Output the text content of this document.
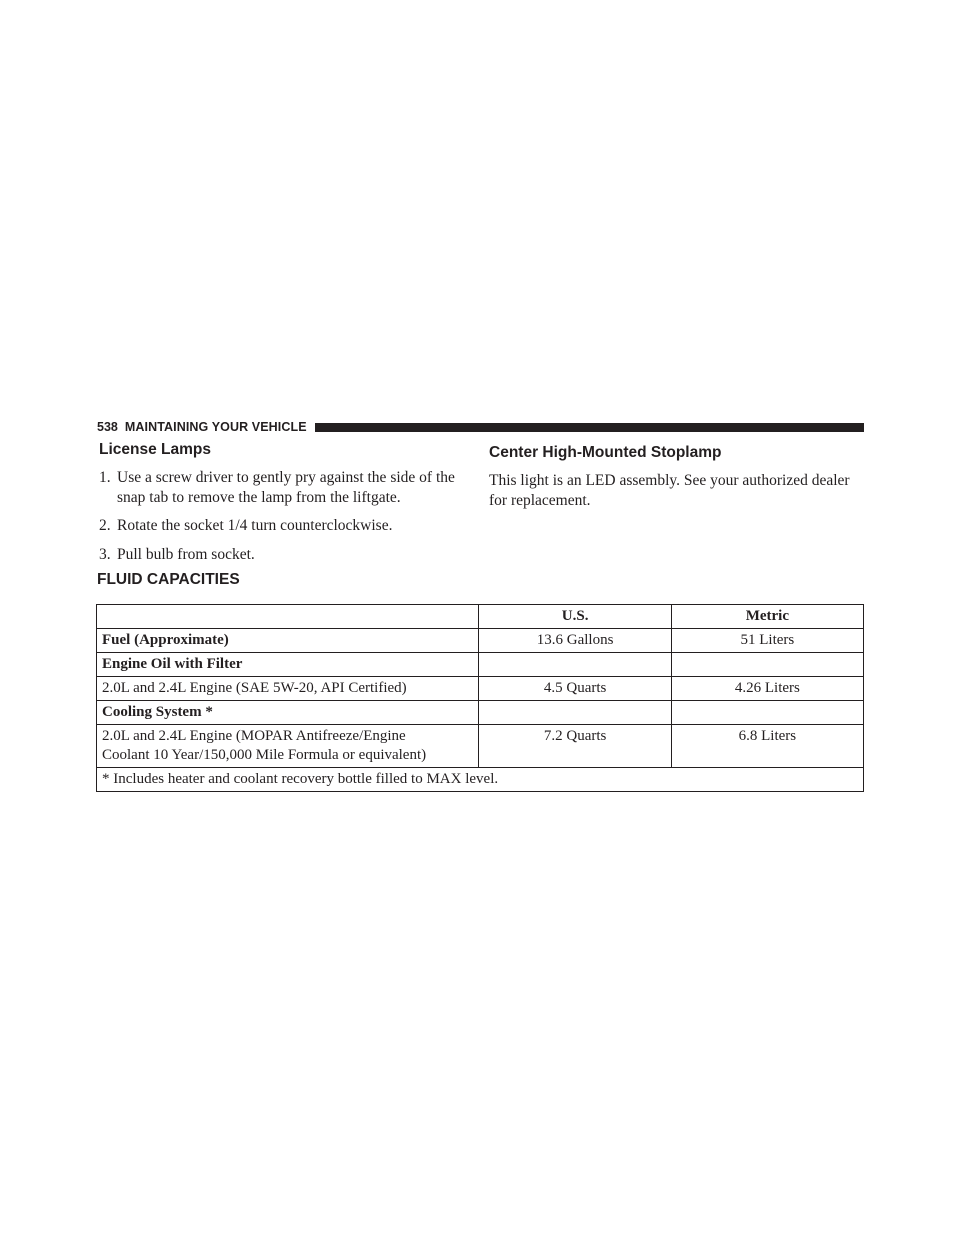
538 MAINTAINING YOUR VEHICLE
License Lamps
1. Use a screw driver to gently pry against the side of the snap tab to remove the lamp from the liftgate.
2. Rotate the socket 1/4 turn counterclockwise.
3. Pull bulb from socket.
Center High-Mounted Stoplamp

This light is an LED assembly. See your authorized dealer for replacement.

FLUID CAPACITIES
	U.S.	Metric
Fuel (Approximate)	13.6 Gallons	51 Liters
Engine Oil with Filter		
2.0L and 2.4L Engine (SAE 5W-20, API Certified)	4.5 Quarts	4.26 Liters
Cooling System *		

2.0L and 2.4L Engine (MOPAR Antifreeze/Engine
Coolant 10 Year/150,000 Mile Formula or equivalent)	7.2 Quarts	6.8 Liters
* Includes heater and coolant recovery bottle filled to MAX level.		
